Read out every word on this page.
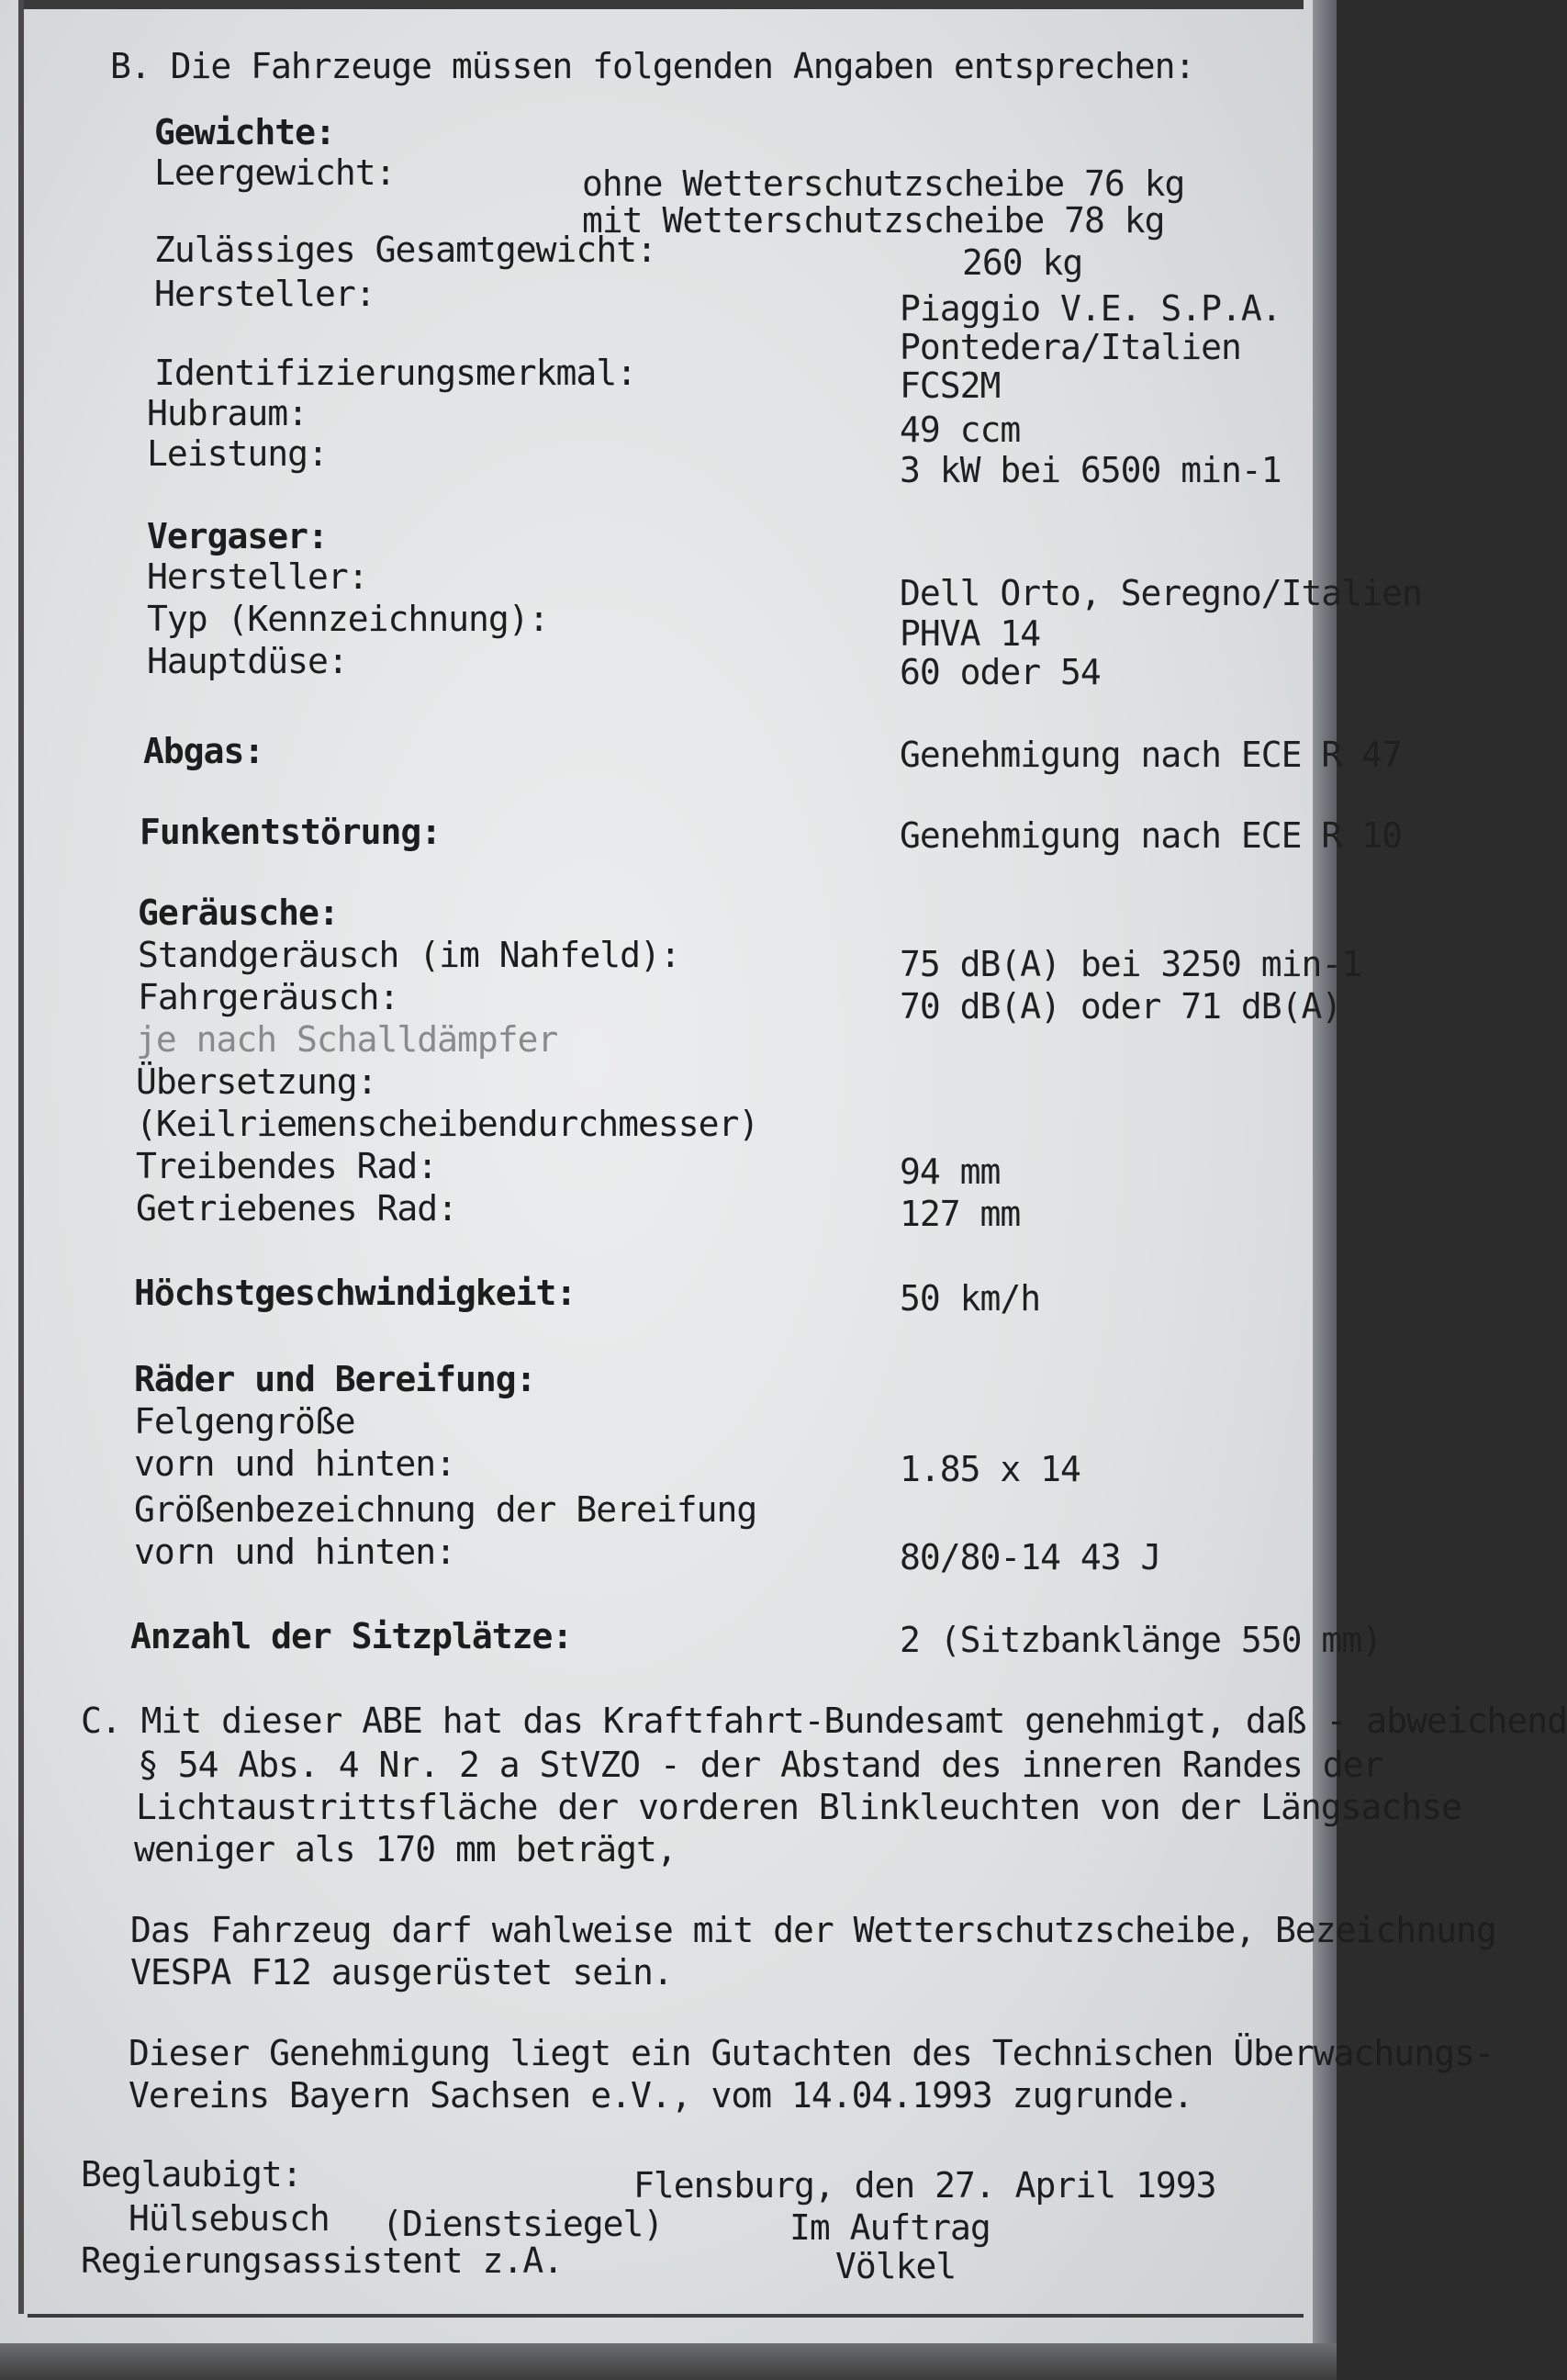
B. Die Fahrzeuge müssen folgenden Angaben entsprechen:
Gewichte:
Leergewicht:	ohne Wetterschutzscheibe 76 kg
mit Wetterschutzscheibe 78 kg
Zulässiges Gesamtgewicht:	260 kg
Hersteller:	Piaggio V.E. S.P.A.
Pontedera/Italien
Identifizierungsmerkmal:	FCS2M
Hubraum:	49 ccm
Leistung:	3 kW bei 6500 min-1
Vergaser:
Hersteller:	Dell Orto, Seregno/Italien
Typ (Kennzeichnung):	PHVA 14
Hauptdüse:	60 oder 54
Abgas:	Genehmigung nach ECE R 47
Funkentstörung:	Genehmigung nach ECE R 10
Geräusche:
Standgeräusch (im Nahfeld):	75 dB(A) bei 3250 min-1
Fahrgeräusch:	70 dB(A) oder 71 dB(A)
je nach Schalldämpfer
Übersetzung:
(Keilriemenscheibendurchmesser)
Treibendes Rad:	94 mm
Getriebenes Rad:	127 mm
Höchstgeschwindigkeit:	50 km/h
Räder und Bereifung:
Felgengröße
vorn und hinten:	1.85 x 14
Größenbezeichnung der Bereifung
vorn und hinten:	80/80-14 43 J
Anzahl der Sitzplätze:	2 (Sitzbanklänge 550 mm)
C. Mit dieser ABE hat das Kraftfahrt-Bundesamt genehmigt, daß - abweichend
§ 54 Abs. 4 Nr. 2 a StVZO - der Abstand des inneren Randes der
Lichtaustrittsfläche der vorderen Blinkleuchten von der Längsachse
weniger als 170 mm beträgt,
Das Fahrzeug darf wahlweise mit der Wetterschutzscheibe, Bezeichnung
VESPA F12 ausgerüstet sein.
Dieser Genehmigung liegt ein Gutachten des Technischen Überwachungs-
Vereins Bayern Sachsen e.V., vom 14.04.1993 zugrunde.
Beglaubigt:	Flensburg, den 27. April 1993
Hülsebusch (Dienstsiegel)	Im Auftrag
Regierungsassistent z.A.	Völkel
